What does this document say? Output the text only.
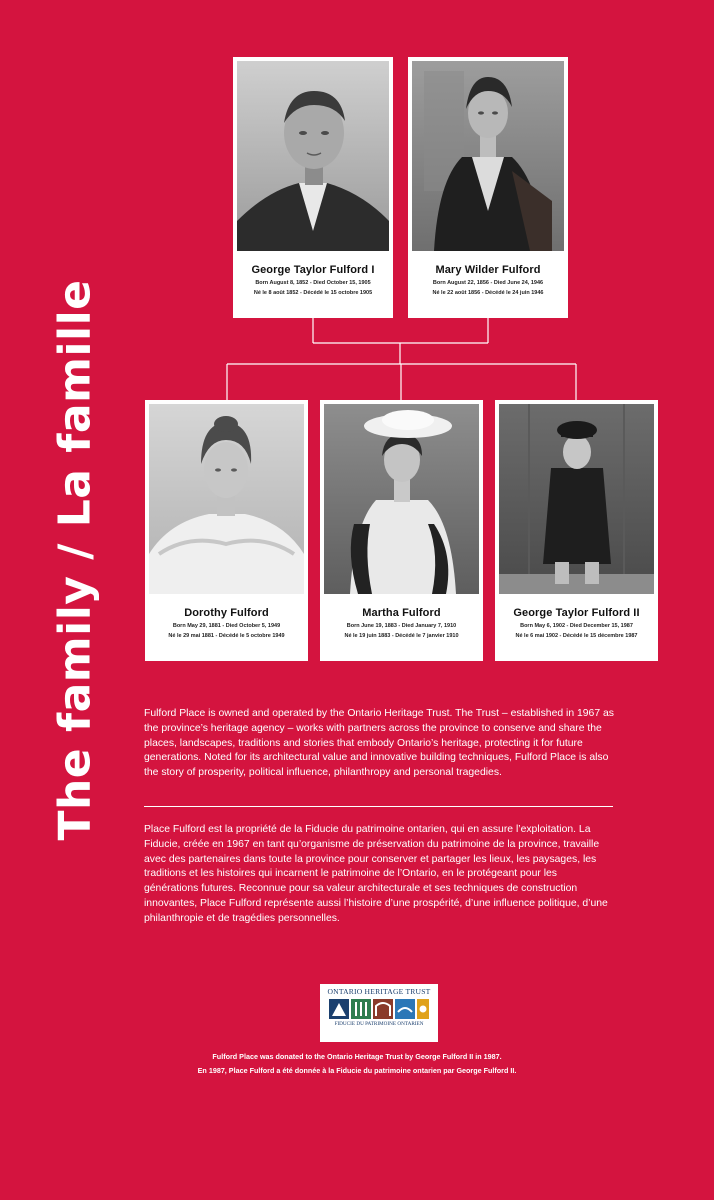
The family / La famille
George Taylor Fulford I
Born August 8, 1852 - Died October 15, 1905
Né le 8 août 1852 - Décédé le 15 octobre 1905
Mary Wilder Fulford
Born August 22, 1856 - Died June 24, 1946
Né le 22 août 1856 - Décédé le 24 juin 1946
Dorothy Fulford
Born May 29, 1881 - Died October 5, 1949
Né le 29 mai 1881 - Décédé le 5 octobre 1949
Martha Fulford
Born June 19, 1883 - Died January 7, 1910
Né le 19 juin 1883 - Décédé le 7 janvier 1910
George Taylor Fulford II
Born May 6, 1902 - Died December 15, 1987
Né le 6 mai 1902 - Décédé le 15 décembre 1987

Fulford Place is owned and operated by the Ontario Heritage Trust. The Trust – established in 1967 as the province’s heritage agency – works with partners across the province to conserve and share the places, landscapes, traditions and stories that embody Ontario’s heritage, protecting it for future generations. Noted for its architectural value and innovative building techniques, Fulford Place is also the story of prosperity, political influence, philanthropy and personal tragedies.

Place Fulford est la propriété de la Fiducie du patrimoine ontarien, qui en assure l’exploitation. La Fiducie, créée en 1967 en tant qu’organisme de préservation du patrimoine de la province, travaille avec des partenaires dans toute la province pour conserver et partager les lieux, les paysages, les traditions et les histoires qui incarnent le patrimoine de l’Ontario, en le protégeant pour les générations futures. Reconnue pour sa valeur architecturale et ses techniques de construction innovantes, Place Fulford représente aussi l’histoire d’une prospérité, d’une influence politique, d’une philanthropie et de tragédies personnelles.

ONTARIO HERITAGE TRUST
FIDUCIE DU PATRIMOINE ONTARIEN
Fulford Place was donated to the Ontario Heritage Trust by George Fulford II in 1987.
En 1987, Place Fulford a été donnée à la Fiducie du patrimoine ontarien par George Fulford II.
